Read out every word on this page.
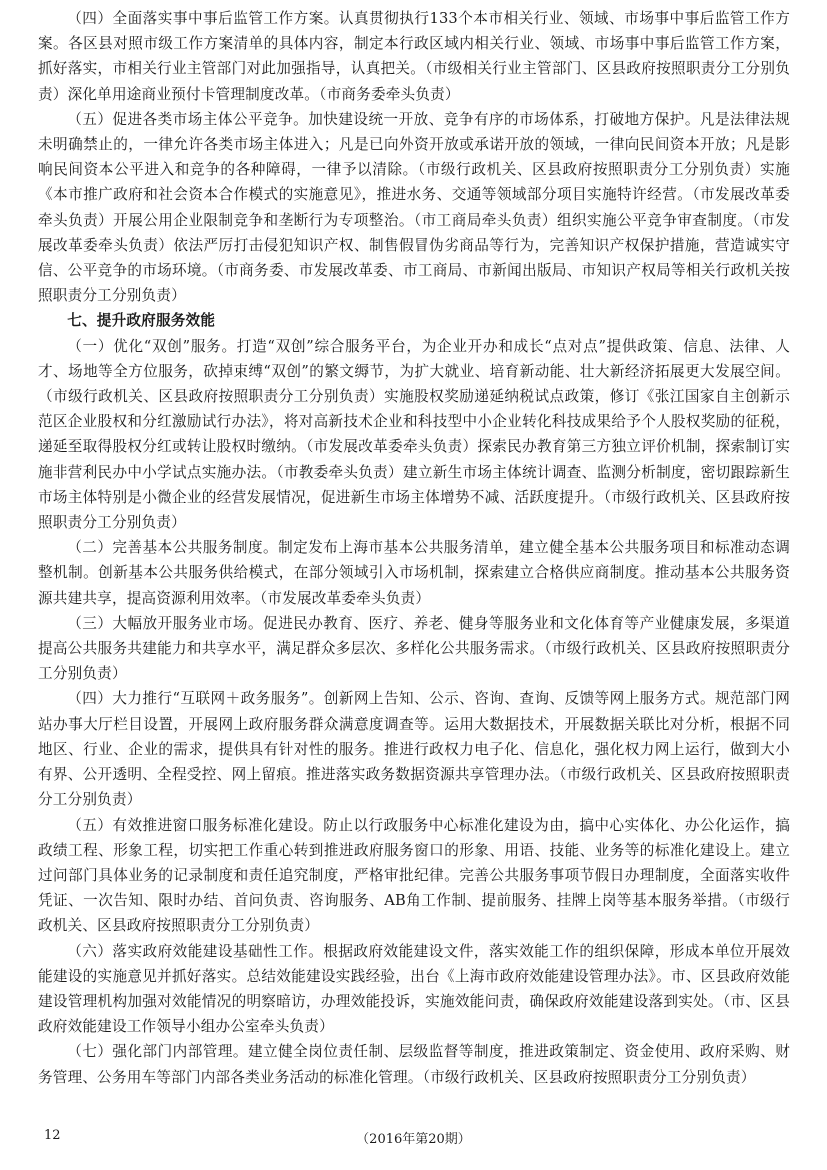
（四）全面落实事中事后监管工作方案。认真贯彻执行133个本市相关行业、领域、市场事中事后监管工作方案。各区县对照市级工作方案清单的具体内容，制定本行政区域内相关行业、领域、市场事中事后监管工作方案，抓好落实，市相关行业主管部门对此加强指导，认真把关。（市级相关行业主管部门、区县政府按照职责分工分别负责）深化单用途商业预付卡管理制度改革。（市商务委牵头负责）

（五）促进各类市场主体公平竞争。加快建设统一开放、竞争有序的市场体系，打破地方保护。凡是法律法规未明确禁止的，一律允许各类市场主体进入；凡是已向外资开放或承诺开放的领域，一律向民间资本开放；凡是影响民间资本公平进入和竞争的各种障碍，一律予以清除。（市级行政机关、区县政府按照职责分工分别负责）实施《本市推广政府和社会资本合作模式的实施意见》，推进水务、交通等领域部分项目实施特许经营。（市发展改革委牵头负责）开展公用企业限制竞争和垄断行为专项整治。（市工商局牵头负责）组织实施公平竞争审查制度。（市发展改革委牵头负责）依法严厉打击侵犯知识产权、制售假冒伪劣商品等行为，完善知识产权保护措施，营造诚实守信、公平竞争的市场环境。（市商务委、市发展改革委、市工商局、市新闻出版局、市知识产权局等相关行政机关按照职责分工分别负责）

七、提升政府服务效能

（一）优化“双创”服务。打造“双创”综合服务平台，为企业开办和成长“点对点”提供政策、信息、法律、人才、场地等全方位服务，砍掉束缚“双创”的繁文缛节，为扩大就业、培育新动能、壮大新经济拓展更大发展空间。（市级行政机关、区县政府按照职责分工分别负责）实施股权奖励递延纳税试点政策，修订《张江国家自主创新示范区企业股权和分红激励试行办法》，将对高新技术企业和科技型中小企业转化科技成果给予个人股权奖励的征税，递延至取得股权分红或转让股权时缴纳。（市发展改革委牵头负责）探索民办教育第三方独立评价机制，探索制订实施非营利民办中小学试点实施办法。（市教委牵头负责）建立新生市场主体统计调查、监测分析制度，密切跟踪新生市场主体特别是小微企业的经营发展情况，促进新生市场主体增势不减、活跃度提升。（市级行政机关、区县政府按照职责分工分别负责）

（二）完善基本公共服务制度。制定发布上海市基本公共服务清单，建立健全基本公共服务项目和标准动态调整机制。创新基本公共服务供给模式，在部分领域引入市场机制，探索建立合格供应商制度。推动基本公共服务资源共建共享，提高资源利用效率。（市发展改革委牵头负责）

（三）大幅放开服务业市场。促进民办教育、医疗、养老、健身等服务业和文化体育等产业健康发展，多渠道提高公共服务共建能力和共享水平，满足群众多层次、多样化公共服务需求。（市级行政机关、区县政府按照职责分工分别负责）

（四）大力推行“互联网＋政务服务”。创新网上告知、公示、咨询、查询、反馈等网上服务方式。规范部门网站办事大厅栏目设置，开展网上政府服务群众满意度调查等。运用大数据技术，开展数据关联比对分析，根据不同地区、行业、企业的需求，提供具有针对性的服务。推进行政权力电子化、信息化，强化权力网上运行，做到大小有界、公开透明、全程受控、网上留痕。推进落实政务数据资源共享管理办法。（市级行政机关、区县政府按照职责分工分别负责）

（五）有效推进窗口服务标准化建设。防止以行政服务中心标准化建设为由，搞中心实体化、办公化运作，搞政绩工程、形象工程，切实把工作重心转到推进政府服务窗口的形象、用语、技能、业务等的标准化建设上。建立过问部门具体业务的记录制度和责任追究制度，严格审批纪律。完善公共服务事项节假日办理制度，全面落实收件凭证、一次告知、限时办结、首问负责、咨询服务、AB角工作制、提前服务、挂牌上岗等基本服务举措。（市级行政机关、区县政府按照职责分工分别负责）

（六）落实政府效能建设基础性工作。根据政府效能建设文件，落实效能工作的组织保障，形成本单位开展效能建设的实施意见并抓好落实。总结效能建设实践经验，出台《上海市政府效能建设管理办法》。市、区县政府效能建设管理机构加强对效能情况的明察暗访，办理效能投诉，实施效能问责，确保政府效能建设落到实处。（市、区县政府效能建设工作领导小组办公室牵头负责）

（七）强化部门内部管理。建立健全岗位责任制、层级监督等制度，推进政策制定、资金使用、政府采购、财务管理、公务用车等部门内部各类业务活动的标准化管理。（市级行政机关、区县政府按照职责分工分别负责）

12	（2016年第20期）
